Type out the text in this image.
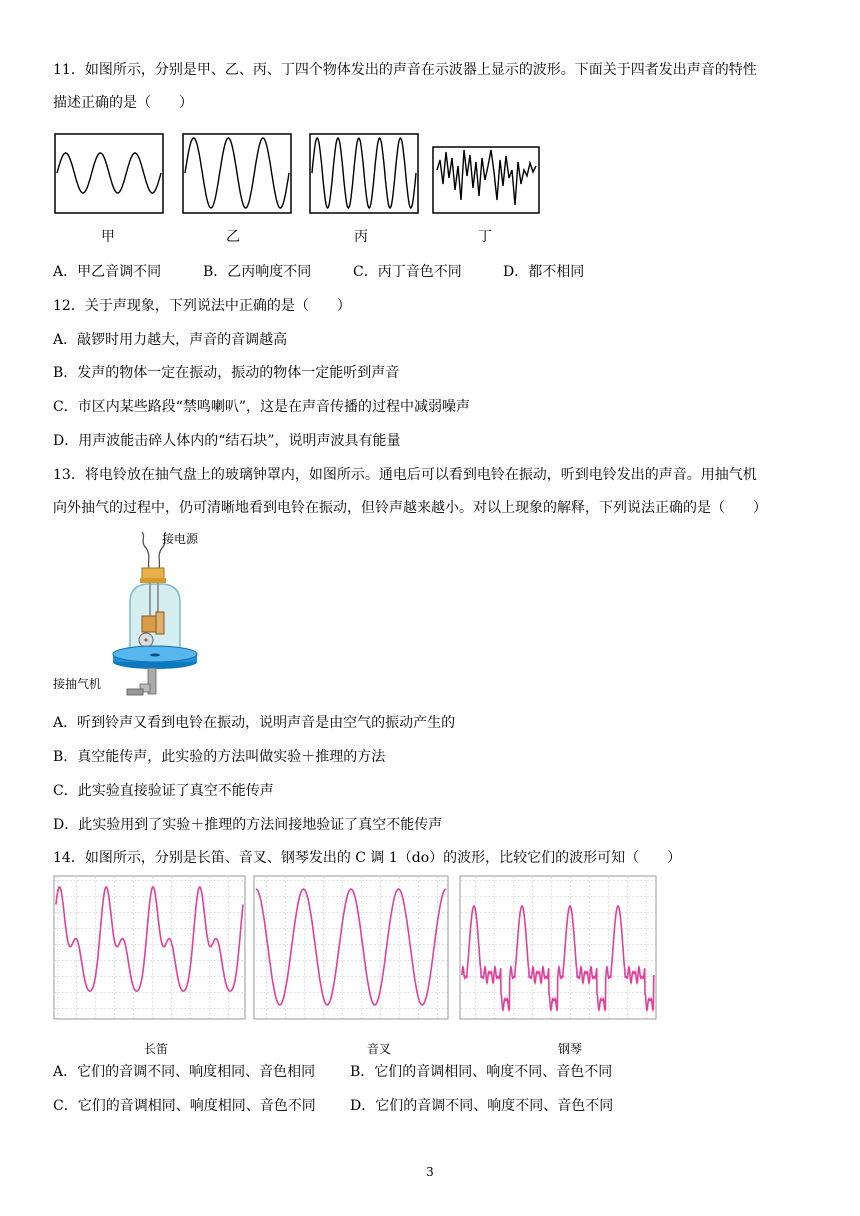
11．如图所示，分别是甲、乙、丙、丁四个物体发出的声音在示波器上显示的波形。下面关于四者发出声音的特性
描述正确的是（　　）
甲	乙	丙	丁
A．甲乙音调不同	B．乙丙响度不同	C．丙丁音色不同	D．都不相同
12．关于声现象，下列说法中正确的是（　　）
A．敲锣时用力越大，声音的音调越高
B．发声的物体一定在振动，振动的物体一定能听到声音
C．市区内某些路段“禁鸣喇叭”，这是在声音传播的过程中减弱噪声
D．用声波能击碎人体内的“结石块”，说明声波具有能量
13．将电铃放在抽气盘上的玻璃钟罩内，如图所示。通电后可以看到电铃在振动，听到电铃发出的声音。用抽气机
向外抽气的过程中，仍可清晰地看到电铃在振动，但铃声越来越小。对以上现象的解释，下列说法正确的是（　　）
接电源
接抽气机
A．听到铃声又看到电铃在振动，说明声音是由空气的振动产生的
B．真空能传声，此实验的方法叫做实验＋推理的方法
C．此实验直接验证了真空不能传声
D．此实验用到了实验＋推理的方法间接地验证了真空不能传声
14．如图所示，分别是长笛、音叉、钢琴发出的 C 调 1（do）的波形，比较它们的波形可知（　　）
长笛	音叉	钢琴
A．它们的音调不同、响度相同、音色相同 B．它们的音调相同、响度不同、音色不同
C．它们的音调相同、响度相同、音色不同 D．它们的音调不同、响度不同、音色不同
3
